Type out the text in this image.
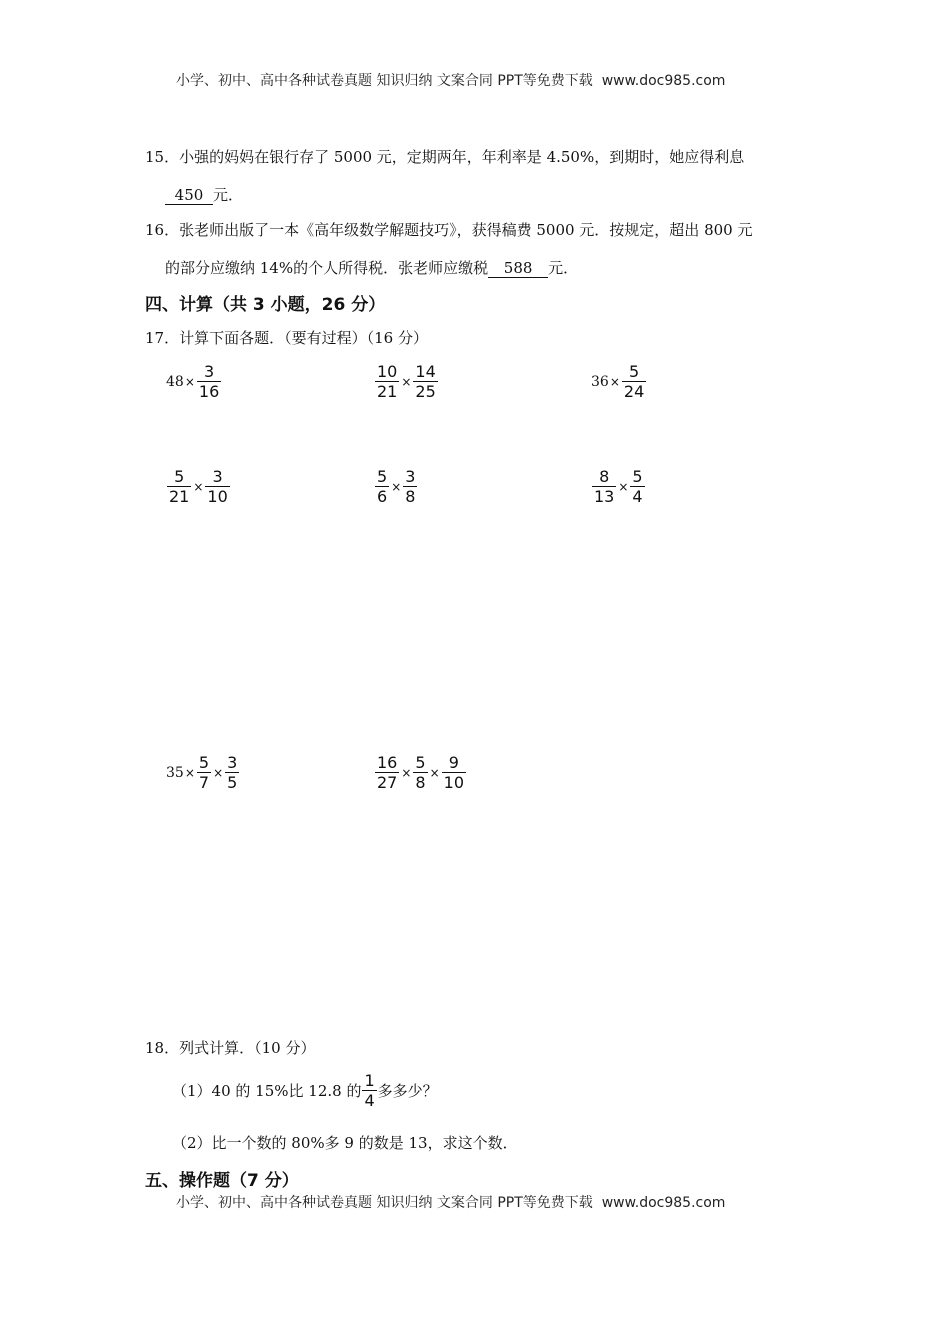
小学、初中、高中各种试卷真题 知识归纳 文案合同 PPT等免费下载 www.doc985.com
15．小强的妈妈在银行存了 5000 元，定期两年，年利率是 4.50%，到期时，她应得利息
450 元．
16．张老师出版了一本《高年级数学解题技巧》，获得稿费 5000 元．按规定，超出 800 元
的部分应缴纳 14%的个人所得税．张老师应缴税 588 元．
四、计算（共 3 小题，26 分）
17．计算下面各题．（要有过程）（16 分）
$48 \times \frac{3}{16}$	$\frac{10}{21} \times \frac{14}{25}$	$36 \times \frac{5}{24}$
$\frac{5}{21} \times \frac{3}{10}$	$\frac{5}{6} \times \frac{3}{8}$	$\frac{8}{13} \times \frac{5}{4}$
$35 \times \frac{5}{7} \times \frac{3}{5}$	$\frac{16}{27} \times \frac{5}{8} \times \frac{9}{10}$
18．列式计算．（10 分）
（1）40 的 15%比 12.8 的 $\frac{1}{4}$ 多多少？
（2）比一个数的 80%多 9 的数是 13，求这个数．
五、操作题（7 分）
小学、初中、高中各种试卷真题 知识归纳 文案合同 PPT等免费下载 www.doc985.com
